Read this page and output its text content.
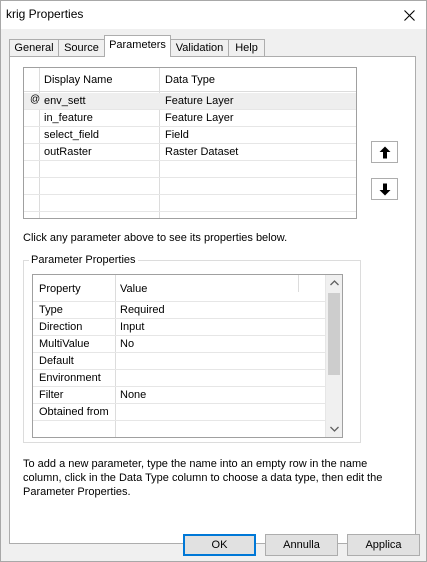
krig Properties
General Source Parameters Validation	Help
Display Name	Data Type
@ env_sett	Feature Layer
in_feature	Feature Layer
select_field	Field
outRaster	Raster Dataset
Click any parameter above to see its properties below.
Parameter Properties
Property	Value
Type	Required
Direction	Input
MultiValue	No
Default
Environment
Filter	None
Obtained from
To add a new parameter, type the name into an empty row in the name column, click in the Data Type column to choose a data type, then edit the Parameter Properties.
OK	Annulla	Applica
